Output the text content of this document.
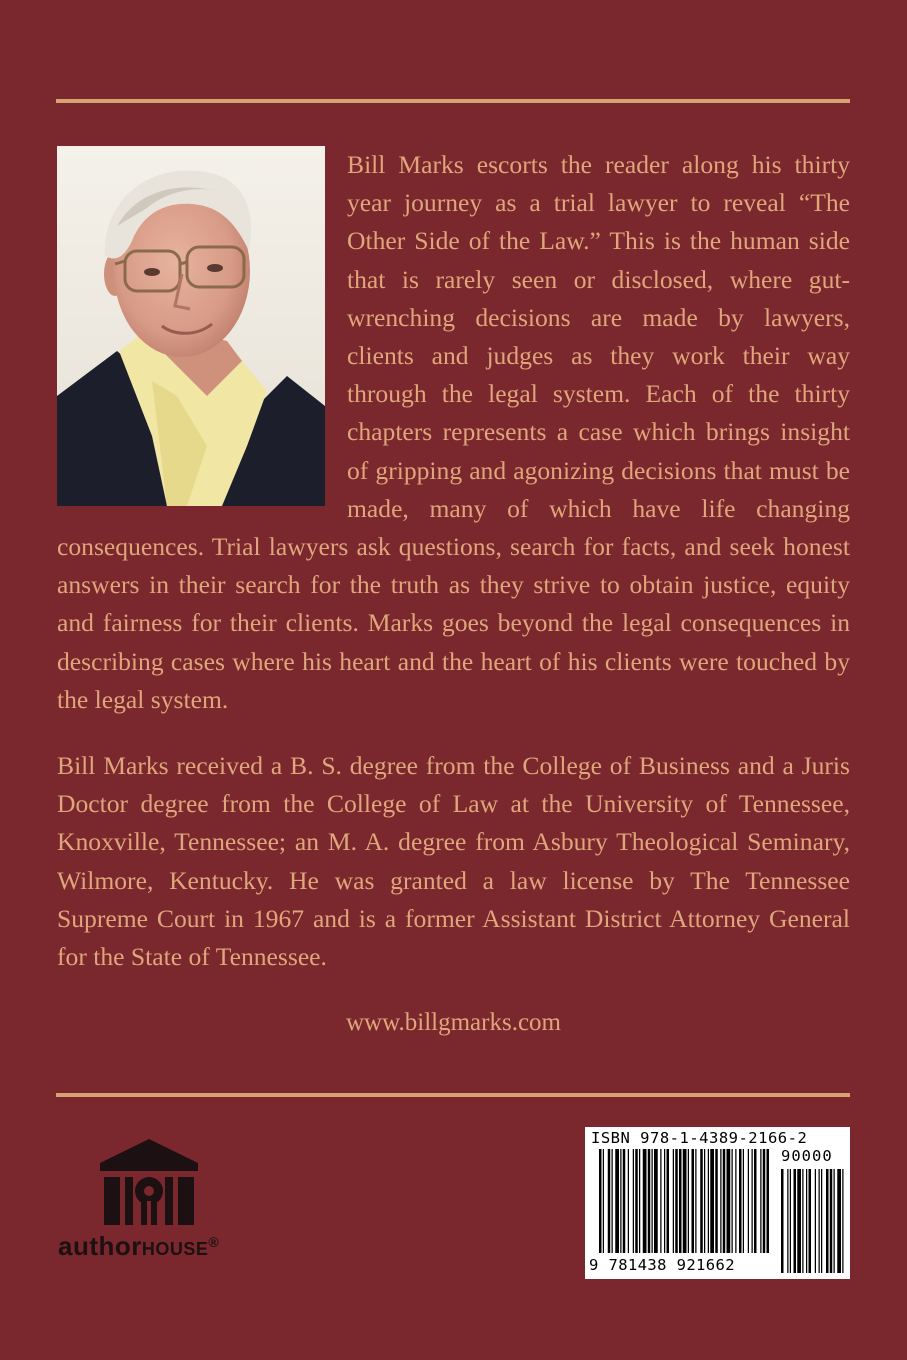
Bill Marks escorts the reader along his thirty year journey as a trial lawyer to reveal “The Other Side of the Law.” This is the human side that is rarely seen or disclosed, where gut-wrenching decisions are made by lawyers, clients and judges as they work their way through the legal system. Each of the thirty chapters represents a case which brings insight of gripping and agonizing decisions that must be made, many of which have life changing consequences. Trial lawyers ask questions, search for facts, and seek honest answers in their search for the truth as they strive to obtain justice, equity and fairness for their clients. Marks goes beyond the legal consequences in describing cases where his heart and the heart of his clients were touched by the legal system.

Bill Marks received a B. S. degree from the College of Business and a Juris Doctor degree from the College of Law at the University of Tennessee, Knoxville, Tennessee; an M. A. degree from Asbury Theological Seminary, Wilmore, Kentucky. He was granted a law license by The Tennessee Supreme Court in 1967 and is a former Assistant District Attorney General for the State of Tennessee.

www.billgmarks.com

authorHOUSE®
ISBN 978-1-4389-2166-2
90000
9 781438 921662
